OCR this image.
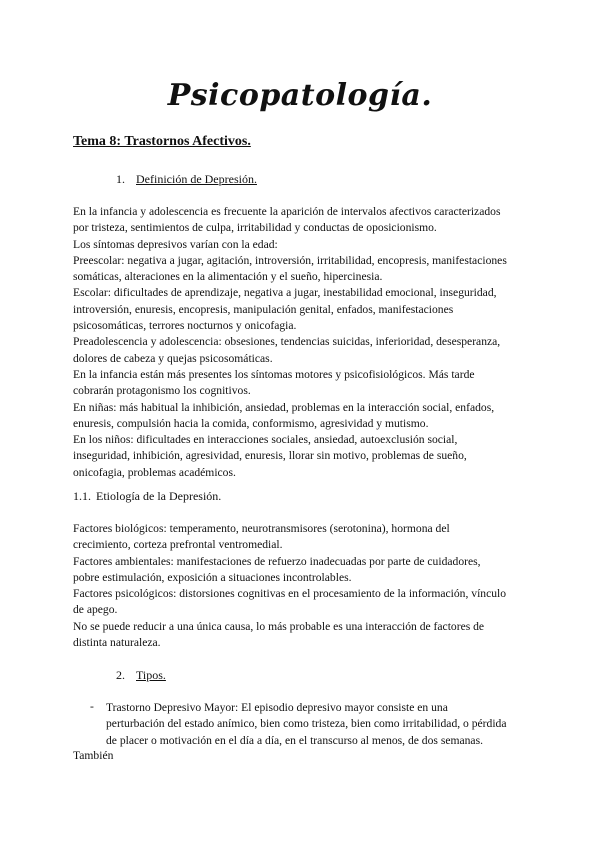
Psicopatología.
Tema 8: Trastornos Afectivos.
1. Definición de Depresión.
En la infancia y adolescencia es frecuente la aparición de intervalos afectivos caracterizados
por tristeza, sentimientos de culpa, irritabilidad y conductas de oposicionismo.
Los síntomas depresivos varían con la edad:
Preescolar: negativa a jugar, agitación, introversión, irritabilidad, encopresis, manifestaciones
somáticas, alteraciones en la alimentación y el sueño, hipercinesia.
Escolar: dificultades de aprendizaje, negativa a jugar, inestabilidad emocional, inseguridad,
introversión, enuresis, encopresis, manipulación genital, enfados, manifestaciones
psicosomáticas, terrores nocturnos y onicofagia.
Preadolescencia y adolescencia: obsesiones, tendencias suicidas, inferioridad, desesperanza,
dolores de cabeza y quejas psicosomáticas.
En la infancia están más presentes los síntomas motores y psicofisiológicos. Más tarde
cobrarán protagonismo los cognitivos.
En niñas: más habitual la inhibición, ansiedad, problemas en la interacción social, enfados,
enuresis, compulsión hacia la comida, conformismo, agresividad y mutismo.
En los niños: dificultades en interacciones sociales, ansiedad, autoexclusión social,
inseguridad, inhibición, agresividad, enuresis, llorar sin motivo, problemas de sueño,
onicofagia, problemas académicos.
1.1. Etiología de la Depresión.
Factores biológicos: temperamento, neurotransmisores (serotonina), hormona del
crecimiento, corteza prefrontal ventromedial.
Factores ambientales: manifestaciones de refuerzo inadecuadas por parte de cuidadores,
pobre estimulación, exposición a situaciones incontrolables.
Factores psicológicos: distorsiones cognitivas en el procesamiento de la información, vínculo
de apego.
No se puede reducir a una única causa, lo más probable es una interacción de factores de
distinta naturaleza.
2. Tipos.
- Trastorno Depresivo Mayor: El episodio depresivo mayor consiste en una
perturbación del estado anímico, bien como tristeza, bien como irritabilidad, o pérdida
de placer o motivación en el día a día, en el transcurso al menos, de dos semanas.
También
